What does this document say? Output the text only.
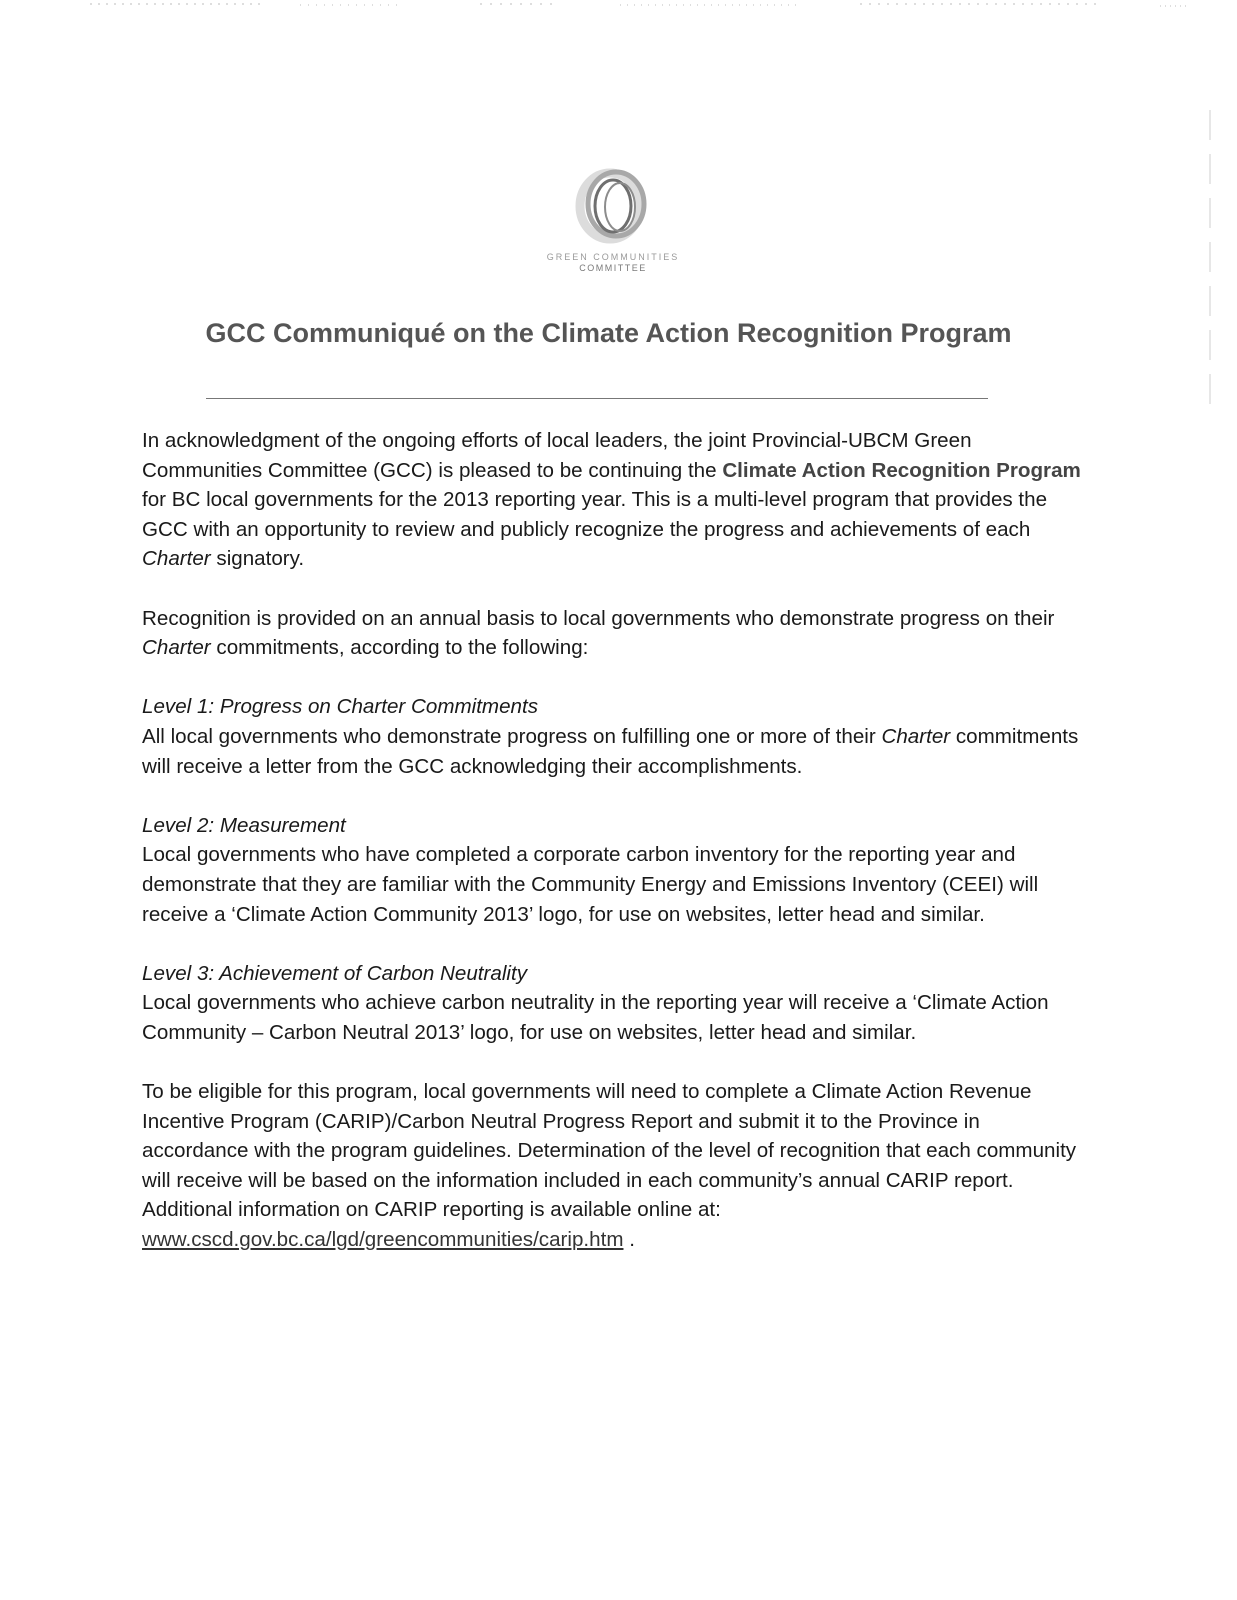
GREEN COMMUNITIES
COMMITTEE
GCC Communiqué on the Climate Action Recognition Program

In acknowledgment of the ongoing efforts of local leaders, the joint Provincial-UBCM Green Communities Committee (GCC) is pleased to be continuing the Climate Action Recognition Program for BC local governments for the 2013 reporting year. This is a multi-level program that provides the GCC with an opportunity to review and publicly recognize the progress and achievements of each Charter signatory.

Recognition is provided on an annual basis to local governments who demonstrate progress on their Charter commitments, according to the following:

Level 1: Progress on Charter Commitments

All local governments who demonstrate progress on fulfilling one or more of their Charter commitments will receive a letter from the GCC acknowledging their accomplishments.

Level 2: Measurement

Local governments who have completed a corporate carbon inventory for the reporting year and demonstrate that they are familiar with the Community Energy and Emissions Inventory (CEEI) will receive a ‘Climate Action Community 2013’ logo, for use on websites, letter head and similar.

Level 3: Achievement of Carbon Neutrality

Local governments who achieve carbon neutrality in the reporting year will receive a ‘Climate Action Community – Carbon Neutral 2013’ logo, for use on websites, letter head and similar.

To be eligible for this program, local governments will need to complete a Climate Action Revenue Incentive Program (CARIP)/Carbon Neutral Progress Report and submit it to the Province in accordance with the program guidelines. Determination of the level of recognition that each community will receive will be based on the information included in each community’s annual CARIP report. Additional information on CARIP reporting is available online at: www.cscd.gov.bc.ca/lgd/greencommunities/carip.htm .
